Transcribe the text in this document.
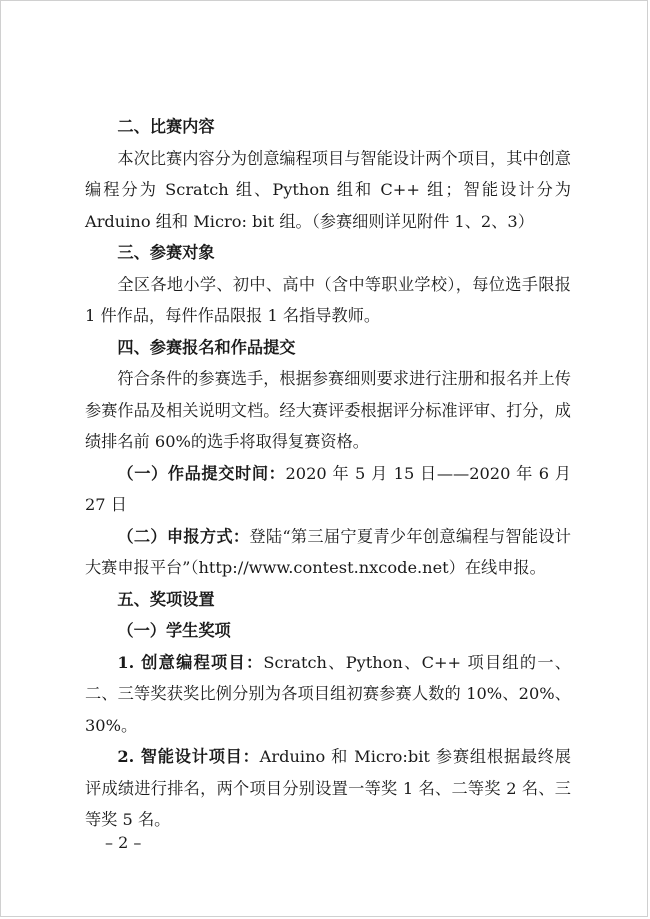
二、比赛内容

本次比赛内容分为创意编程项目与智能设计两个项目，其中创意编程分为 Scratch 组、Python 组和 C++ 组；智能设计分为 Arduino 组和 Micro: bit 组。（参赛细则详见附件 1、2、3）

三、参赛对象

全区各地小学、初中、高中（含中等职业学校），每位选手限报 1 件作品，每件作品限报 1 名指导教师。

四、参赛报名和作品提交

符合条件的参赛选手，根据参赛细则要求进行注册和报名并上传参赛作品及相关说明文档。经大赛评委根据评分标准评审、打分，成绩排名前 60%的选手将取得复赛资格。

（一）作品提交时间：2020 年 5 月 15 日——2020 年 6 月 27 日

（二）申报方式：登陆“第三届宁夏青少年创意编程与智能设计大赛申报平台”（http://www.contest.nxcode.net）在线申报。

五、奖项设置

（一）学生奖项

1. 创意编程项目：Scratch、Python、C++ 项目组的一、二、三等奖获奖比例分别为各项目组初赛参赛人数的 10%、20%、30%。

2. 智能设计项目：Arduino 和 Micro:bit 参赛组根据最终展评成绩进行排名，两个项目分别设置一等奖 1 名、二等奖 2 名、三等奖 5 名。

– 2 –
